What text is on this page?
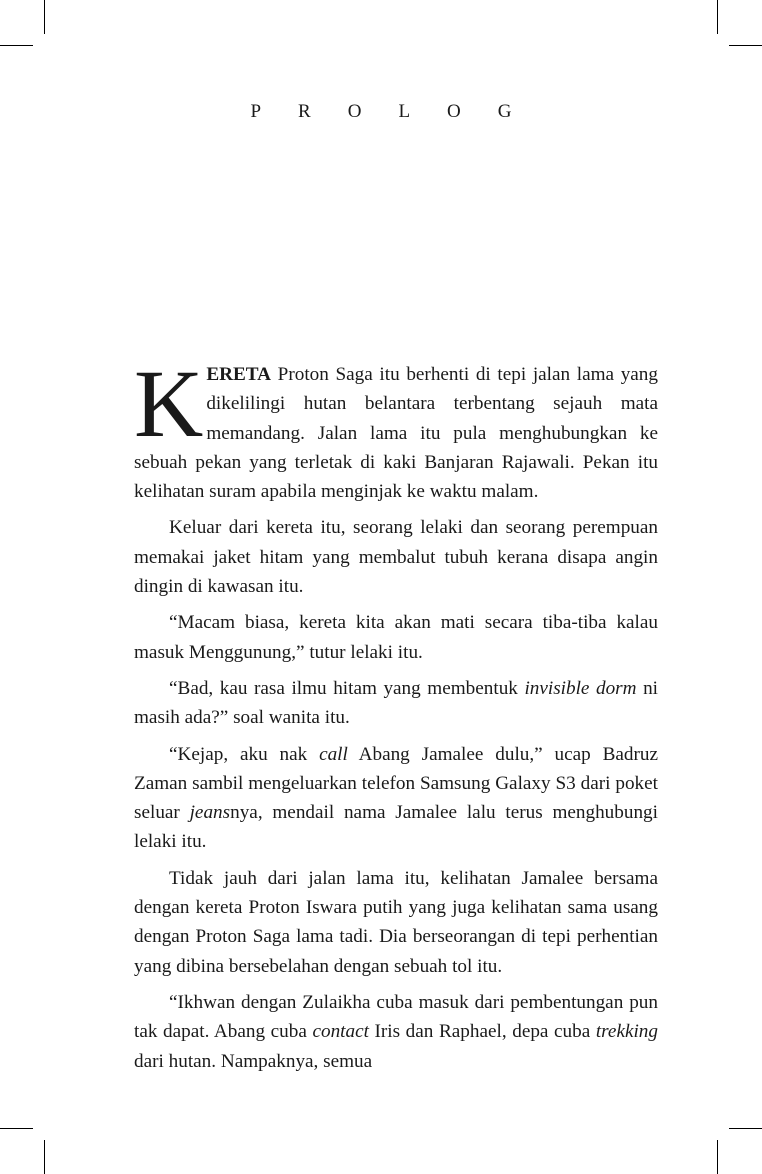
PROLOG

KERETA Proton Saga itu berhenti di tepi jalan lama yang dikelilingi hutan belantara terbentang sejauh mata memandang. Jalan lama itu pula menghubungkan ke sebuah pekan yang terletak di kaki Banjaran Rajawali. Pekan itu kelihatan suram apabila menginjak ke waktu malam.

Keluar dari kereta itu, seorang lelaki dan seorang perempuan memakai jaket hitam yang membalut tubuh kerana disapa angin dingin di kawasan itu.

“Macam biasa, kereta kita akan mati secara tiba-tiba kalau masuk Menggunung,” tutur lelaki itu.

“Bad, kau rasa ilmu hitam yang membentuk invisible dorm ni masih ada?” soal wanita itu.

“Kejap, aku nak call Abang Jamalee dulu,” ucap Badruz Zaman sambil mengeluarkan telefon Samsung Galaxy S3 dari poket seluar jeansnya, mendail nama Jamalee lalu terus menghubungi lelaki itu.

Tidak jauh dari jalan lama itu, kelihatan Jamalee bersama dengan kereta Proton Iswara putih yang juga kelihatan sama usang dengan Proton Saga lama tadi. Dia berseorangan di tepi perhentian yang dibina bersebelahan dengan sebuah tol itu.

“Ikhwan dengan Zulaikha cuba masuk dari pembentungan pun tak dapat. Abang cuba contact Iris dan Raphael, depa cuba trekking dari hutan. Nampaknya, semua
